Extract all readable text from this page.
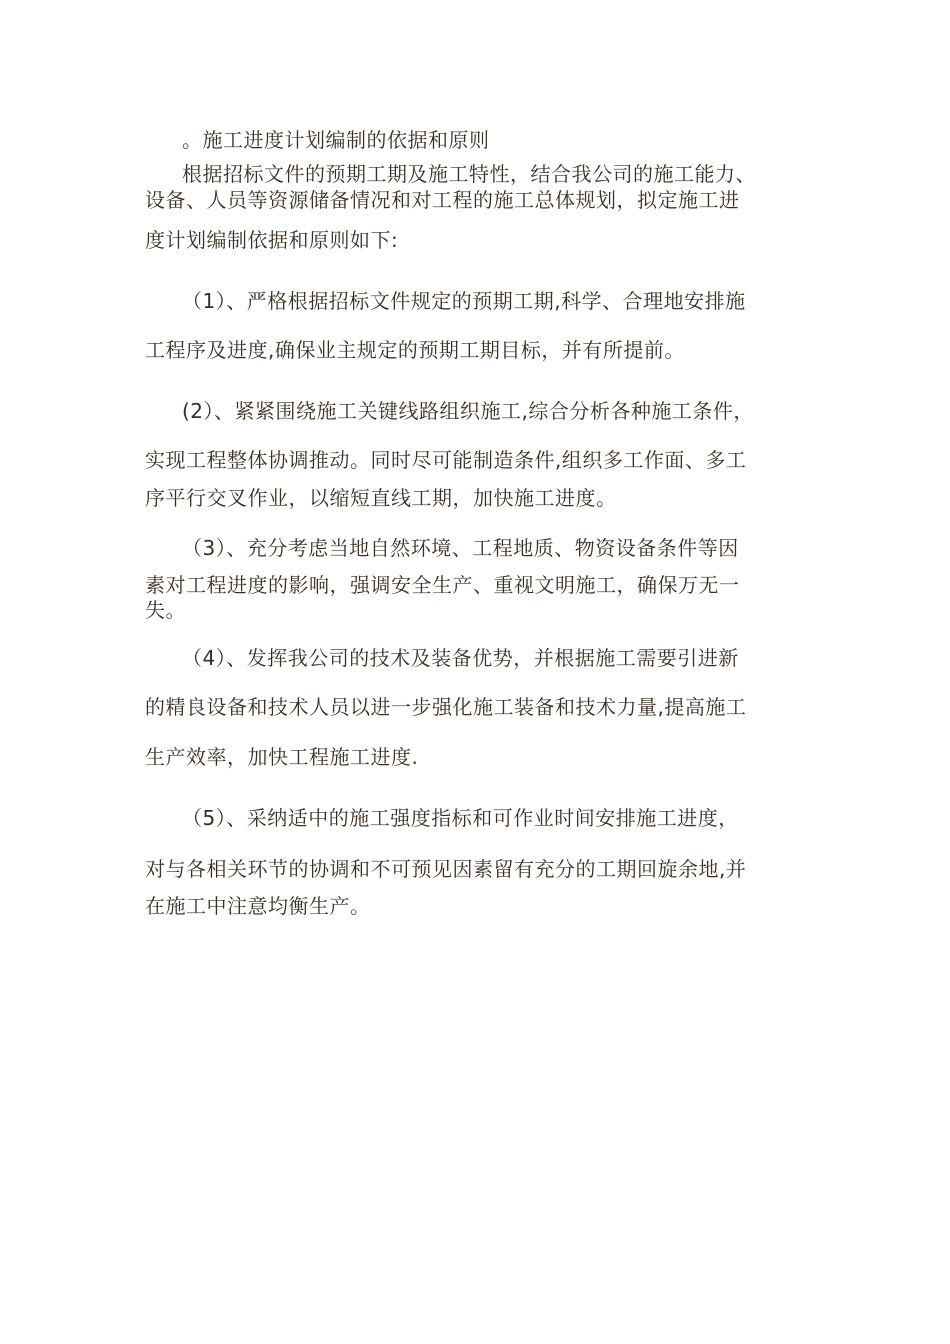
。施工进度计划编制的依据和原则
根据招标文件的预期工期及施工特性，结合我公司的施工能力、
设备、人员等资源储备情况和对工程的施工总体规划，拟定施工进
度计划编制依据和原则如下:
（1）、严格根据招标文件规定的预期工期,科学、合理地安排施
工程序及进度,确保业主规定的预期工期目标，并有所提前。
(2）、紧紧围绕施工关键线路组织施工,综合分析各种施工条件，
实现工程整体协调推动。同时尽可能制造条件,组织多工作面、多工
序平行交叉作业，以缩短直线工期，加快施工进度。
（3）、充分考虑当地自然环境、工程地质、物资设备条件等因
素对工程进度的影响，强调安全生产、重视文明施工，确保万无一
失。
（4）、发挥我公司的技术及装备优势，并根据施工需要引进新
的精良设备和技术人员以进一步强化施工装备和技术力量,提高施工
生产效率，加快工程施工进度.
（5）、采纳适中的施工强度指标和可作业时间安排施工进度，
对与各相关环节的协调和不可预见因素留有充分的工期回旋余地,并
在施工中注意均衡生产。
